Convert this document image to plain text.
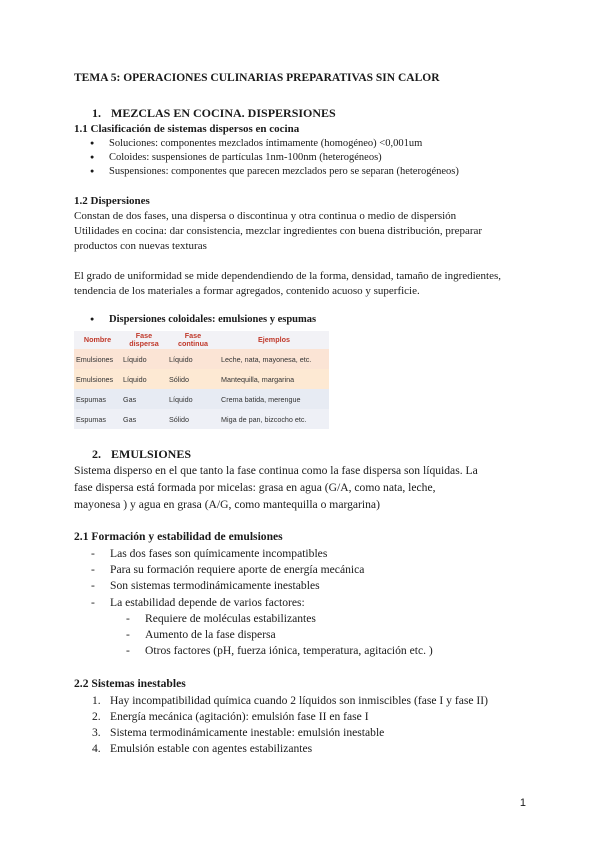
TEMA 5: OPERACIONES CULINARIAS PREPARATIVAS SIN CALOR
1. MEZCLAS EN COCINA. DISPERSIONES
1.1 Clasificación de sistemas dispersos en cocina
● Soluciones: componentes mezclados íntimamente (homogéneo) <0,001um
● Coloides: suspensiones de partículas 1nm-100nm (heterogéneos)
● Suspensiones: componentes que parecen mezclados pero se separan (heterogéneos)
1.2 Dispersiones
Constan de dos fases, una dispersa o discontinua y otra continua o medio de dispersión
Utilidades en cocina: dar consistencia, mezclar ingredientes con buena distribución, preparar
productos con nuevas texturas
El grado de uniformidad se mide dependendiendo de la forma, densidad, tamaño de ingredientes,
tendencia de los materiales a formar agregados, contenido acuoso y superficie.
● Dispersiones coloidales: emulsiones y espumas
Nombre	Fase dispersa	Fase continua	Ejemplos
Emulsiones	Líquido	Líquido	Leche, nata, mayonesa, etc.
Emulsiones	Líquido	Sólido	Mantequilla, margarina
Espumas	Gas	Líquido	Crema batida, merengue
Espumas	Gas	Sólido	Miga de pan, bizcocho etc.
2. EMULSIONES
Sistema disperso en el que tanto la fase continua como la fase dispersa son líquidas. La
fase dispersa está formada por micelas: grasa en agua (G/A, como nata, leche,
mayonesa ) y agua en grasa (A/G, como mantequilla o margarina)
2.1 Formación y estabilidad de emulsiones
- Las dos fases son químicamente incompatibles
- Para su formación requiere aporte de energía mecánica
- Son sistemas termodinámicamente inestables
- La estabilidad depende de varios factores:
- Requiere de moléculas estabilizantes
- Aumento de la fase dispersa
- Otros factores (pH, fuerza iónica, temperatura, agitación etc. )
2.2 Sistemas inestables
1. Hay incompatibilidad química cuando 2 líquidos son inmiscibles (fase I y fase II)
2. Energía mecánica (agitación): emulsión fase II en fase I
3. Sistema termodinámicamente inestable: emulsión inestable
4. Emulsión estable con agentes estabilizantes
1
